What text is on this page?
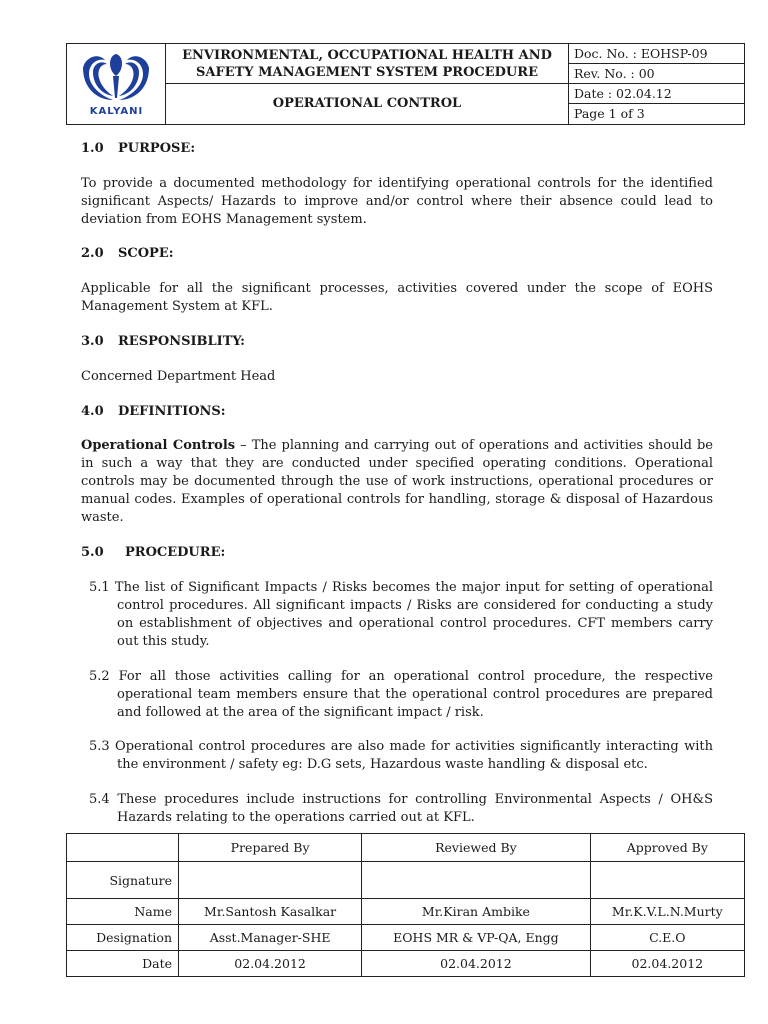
KALYANI
ENVIRONMENTAL, OCCUPATIONAL HEALTH AND
SAFETY MANAGEMENT SYSTEM PROCEDURE
OPERATIONAL CONTROL
Doc. No. : EOHSP-09
Rev. No. : 00
Date : 02.04.12
Page 1 of 3
1.0 PURPOSE:

To provide a documented methodology for identifying operational controls for the identified significant Aspects/ Hazards to improve and/or control where their absence could lead to deviation from EOHS Management system.

2.0 SCOPE:

Applicable for all the significant processes, activities covered under the scope of EOHS Management System at KFL.

3.0 RESPONSIBLITY:

Concerned Department Head

4.0 DEFINITIONS:

Operational Controls – The planning and carrying out of operations and activities should be in such a way that they are conducted under specified operating conditions. Operational controls may be documented through the use of work instructions, operational procedures or manual codes. Examples of operational controls for handling, storage & disposal of Hazardous waste.

5.0 PROCEDURE:

5.1 The list of Significant Impacts / Risks becomes the major input for setting of operational control procedures. All significant impacts / Risks are considered for conducting a study on establishment of objectives and operational control procedures. CFT members carry out this study.

5.2 For all those activities calling for an operational control procedure, the respective operational team members ensure that the operational control procedures are prepared and followed at the area of the significant impact / risk.

5.3 Operational control procedures are also made for activities significantly interacting with the environment / safety eg: D.G sets, Hazardous waste handling & disposal etc.

5.4 These procedures include instructions for controlling Environmental Aspects / OH&S Hazards relating to the operations carried out at KFL.

	Prepared By	Reviewed By	Approved By
Signature			
Name	Mr.Santosh Kasalkar	Mr.Kiran Ambike	Mr.K.V.L.N.Murty
Designation	Asst.Manager-SHE	EOHS MR & VP-QA, Engg	C.E.O
Date	02.04.2012	02.04.2012	02.04.2012
